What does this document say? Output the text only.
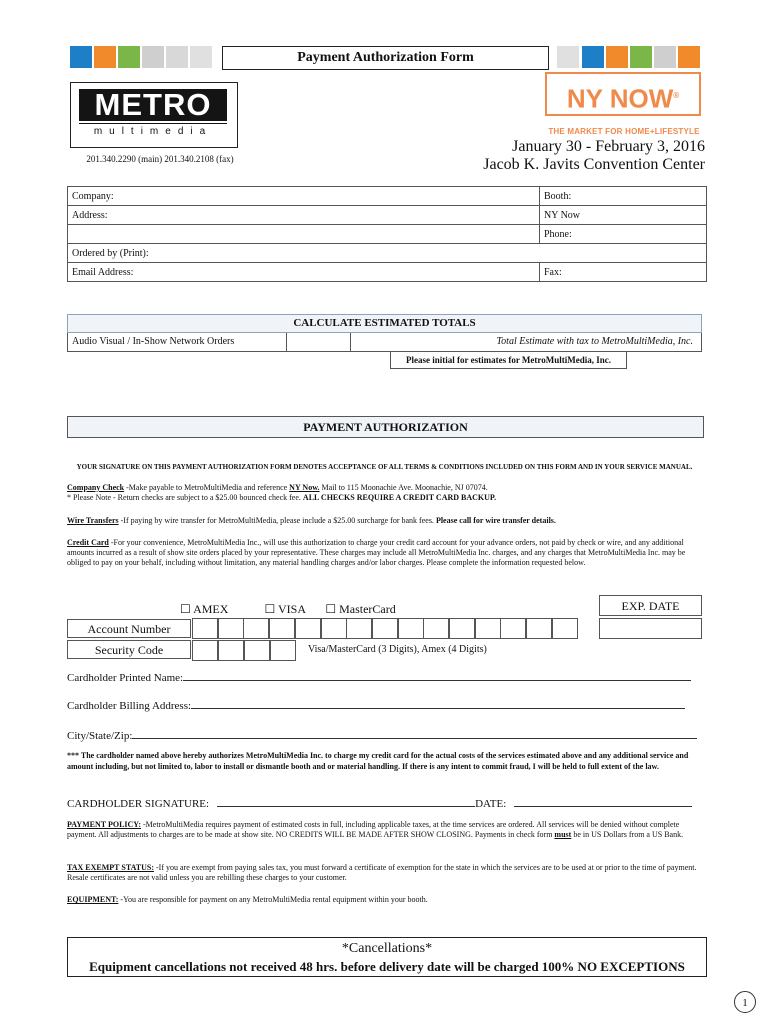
Payment Authorization Form
METRO
multimedia
201.340.2290 (main) 201.340.2108 (fax)
NY NOW®
THE MARKET FOR HOME+LIFESTYLE
January 30 - February 3, 2016
Jacob K. Javits Convention Center
Company:	Booth:
Address:	NY Now
	Phone:
Ordered by (Print):	
Email Address:	Fax:
CALCULATE ESTIMATED TOTALS
Audio Visual / In-Show Network Orders	Total Estimate with tax to MetroMultiMedia, Inc.
Please initial for estimates for MetroMultiMedia, Inc.
PAYMENT AUTHORIZATION
YOUR SIGNATURE ON THIS PAYMENT AUTHORIZATION FORM DENOTES ACCEPTANCE OF ALL TERMS & CONDITIONS INCLUDED ON THIS FORM AND IN YOUR SERVICE MANUAL.
Company Check -Make payable to MetroMultiMedia and reference NY Now. Mail to 115 Moonachie Ave. Moonachie, NJ 07074.
* Please Note - Return checks are subject to a $25.00 bounced check fee. ALL CHECKS REQUIRE A CREDIT CARD BACKUP.
Wire Transfers -If paying by wire transfer for MetroMultiMedia, please include a $25.00 surcharge for bank fees. Please call for wire transfer details.
Credit Card -For your convenience, MetroMultiMedia Inc., will use this authorization to charge your credit card account for your advance orders, not paid by check or wire, and any additional amounts incurred as a result of show site orders placed by your representative. These charges may include all MetroMultiMedia Inc. charges, and any charges that MetroMultiMedia Inc. may be obliged to pay on your behalf, including without limitation, any material handling charges and/or labor charges. Please complete the information requested below.
☐ AMEX	☐ VISA ☐ MasterCard	EXP. DATE
Account Number
Security Code	Visa/MasterCard (3 Digits), Amex (4 Digits)
Cardholder Printed Name:
Cardholder Billing Address:
City/State/Zip:
*** The cardholder named above hereby authorizes MetroMultiMedia Inc. to charge my credit card for the actual costs of the services estimated above and any additional service and amount including, but not limited to, labor to install or dismantle booth and or material handling. If there is any intent to commit fraud, I will be held to full extent of the law.
CARDHOLDER SIGNATURE:	DATE:
PAYMENT POLICY: -MetroMultiMedia requires payment of estimated costs in full, including applicable taxes, at the time services are ordered. All services will be denied without complete payment. All adjustments to charges are to be made at show site. NO CREDITS WILL BE MADE AFTER SHOW CLOSING. Payments in check form must be in US Dollars from a US Bank.
TAX EXEMPT STATUS: -If you are exempt from paying sales tax, you must forward a certificate of exemption for the state in which the services are to be used at or prior to the time of payment. Resale certificates are not valid unless you are rebilling these charges to your customer.
EQUIPMENT: -You are responsible for payment on any MetroMultiMedia rental equipment within your booth.
*Cancellations*
Equipment cancellations not received 48 hrs. before delivery date will be charged 100% NO EXCEPTIONS
1
